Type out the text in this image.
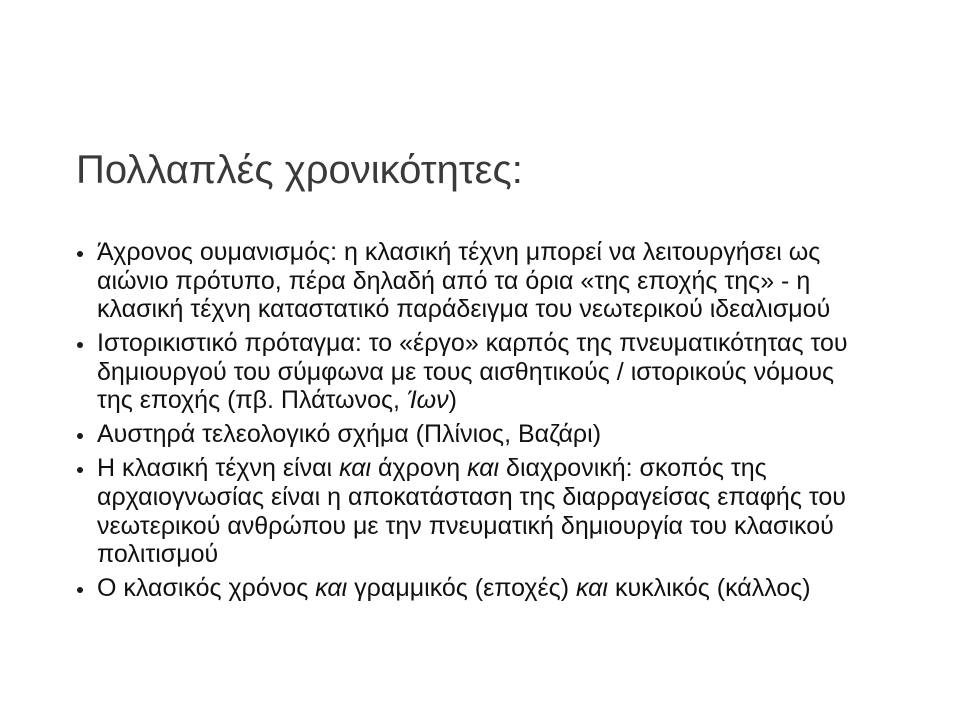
Πολλαπλές χρονικότητες:
Άχρονος ουμανισμός: η κλασική τέχνη μπορεί να λειτουργήσει ως
αιώνιο πρότυπο, πέρα δηλαδή από τα όρια «της εποχής της» - η
κλασική τέχνη καταστατικό παράδειγμα του νεωτερικού ιδεαλισμού
Ιστορικιστικό πρόταγμα: το «έργο» καρπός της πνευματικότητας του
δημιουργού του σύμφωνα με τους αισθητικούς / ιστορικούς νόμους
της εποχής (πβ. Πλάτωνος, Ίων)
Αυστηρά τελεολογικό σχήμα (Πλίνιος, Βαζάρι)
Η κλασική τέχνη είναι και άχρονη και διαχρονική: σκοπός της
αρχαιογνωσίας είναι η αποκατάσταση της διαρραγείσας επαφής του
νεωτερικού ανθρώπου με την πνευματική δημιουργία του κλασικού
πολιτισμού
Ο κλασικός χρόνος και γραμμικός (εποχές) και κυκλικός (κάλλος)
